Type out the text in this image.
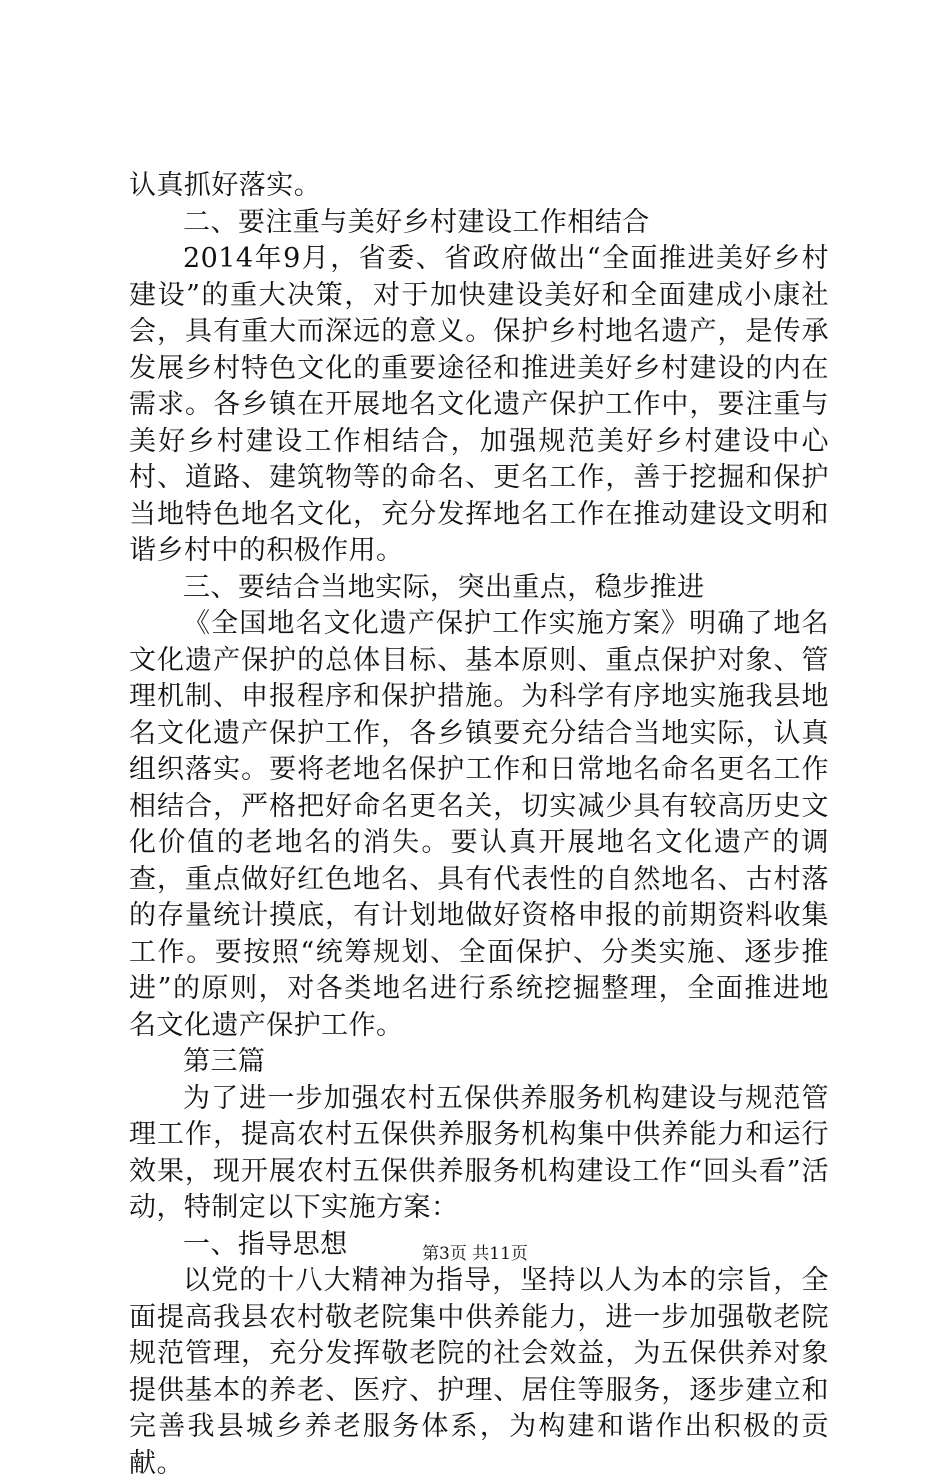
认真抓好落实。

二、要注重与美好乡村建设工作相结合

2014年9月，省委、省政府做出“全面推进美好乡村建设”的重大决策，对于加快建设美好和全面建成小康社会，具有重大而深远的意义。保护乡村地名遗产，是传承发展乡村特色文化的重要途径和推进美好乡村建设的内在需求。各乡镇在开展地名文化遗产保护工作中，要注重与美好乡村建设工作相结合，加强规范美好乡村建设中心村、道路、建筑物等的命名、更名工作，善于挖掘和保护当地特色地名文化，充分发挥地名工作在推动建设文明和谐乡村中的积极作用。

三、要结合当地实际，突出重点，稳步推进

《全国地名文化遗产保护工作实施方案》明确了地名文化遗产保护的总体目标、基本原则、重点保护对象、管理机制、申报程序和保护措施。为科学有序地实施我县地名文化遗产保护工作，各乡镇要充分结合当地实际，认真组织落实。要将老地名保护工作和日常地名命名更名工作相结合，严格把好命名更名关，切实减少具有较高历史文化价值的老地名的消失。要认真开展地名文化遗产的调查，重点做好红色地名、具有代表性的自然地名、古村落的存量统计摸底，有计划地做好资格申报的前期资料收集工作。要按照“统筹规划、全面保护、分类实施、逐步推进”的原则，对各类地名进行系统挖掘整理，全面推进地名文化遗产保护工作。

第三篇

为了进一步加强农村五保供养服务机构建设与规范管理工作，提高农村五保供养服务机构集中供养能力和运行效果，现开展农村五保供养服务机构建设工作“回头看”活动，特制定以下实施方案：

一、指导思想

以党的十八大精神为指导，坚持以人为本的宗旨，全面提高我县农村敬老院集中供养能力，进一步加强敬老院规范管理，充分发挥敬老院的社会效益，为五保供养对象提供基本的养老、医疗、护理、居住等服务，逐步建立和完善我县城乡养老服务体系，为构建和谐作出积极的贡献。

第3页 共11页
